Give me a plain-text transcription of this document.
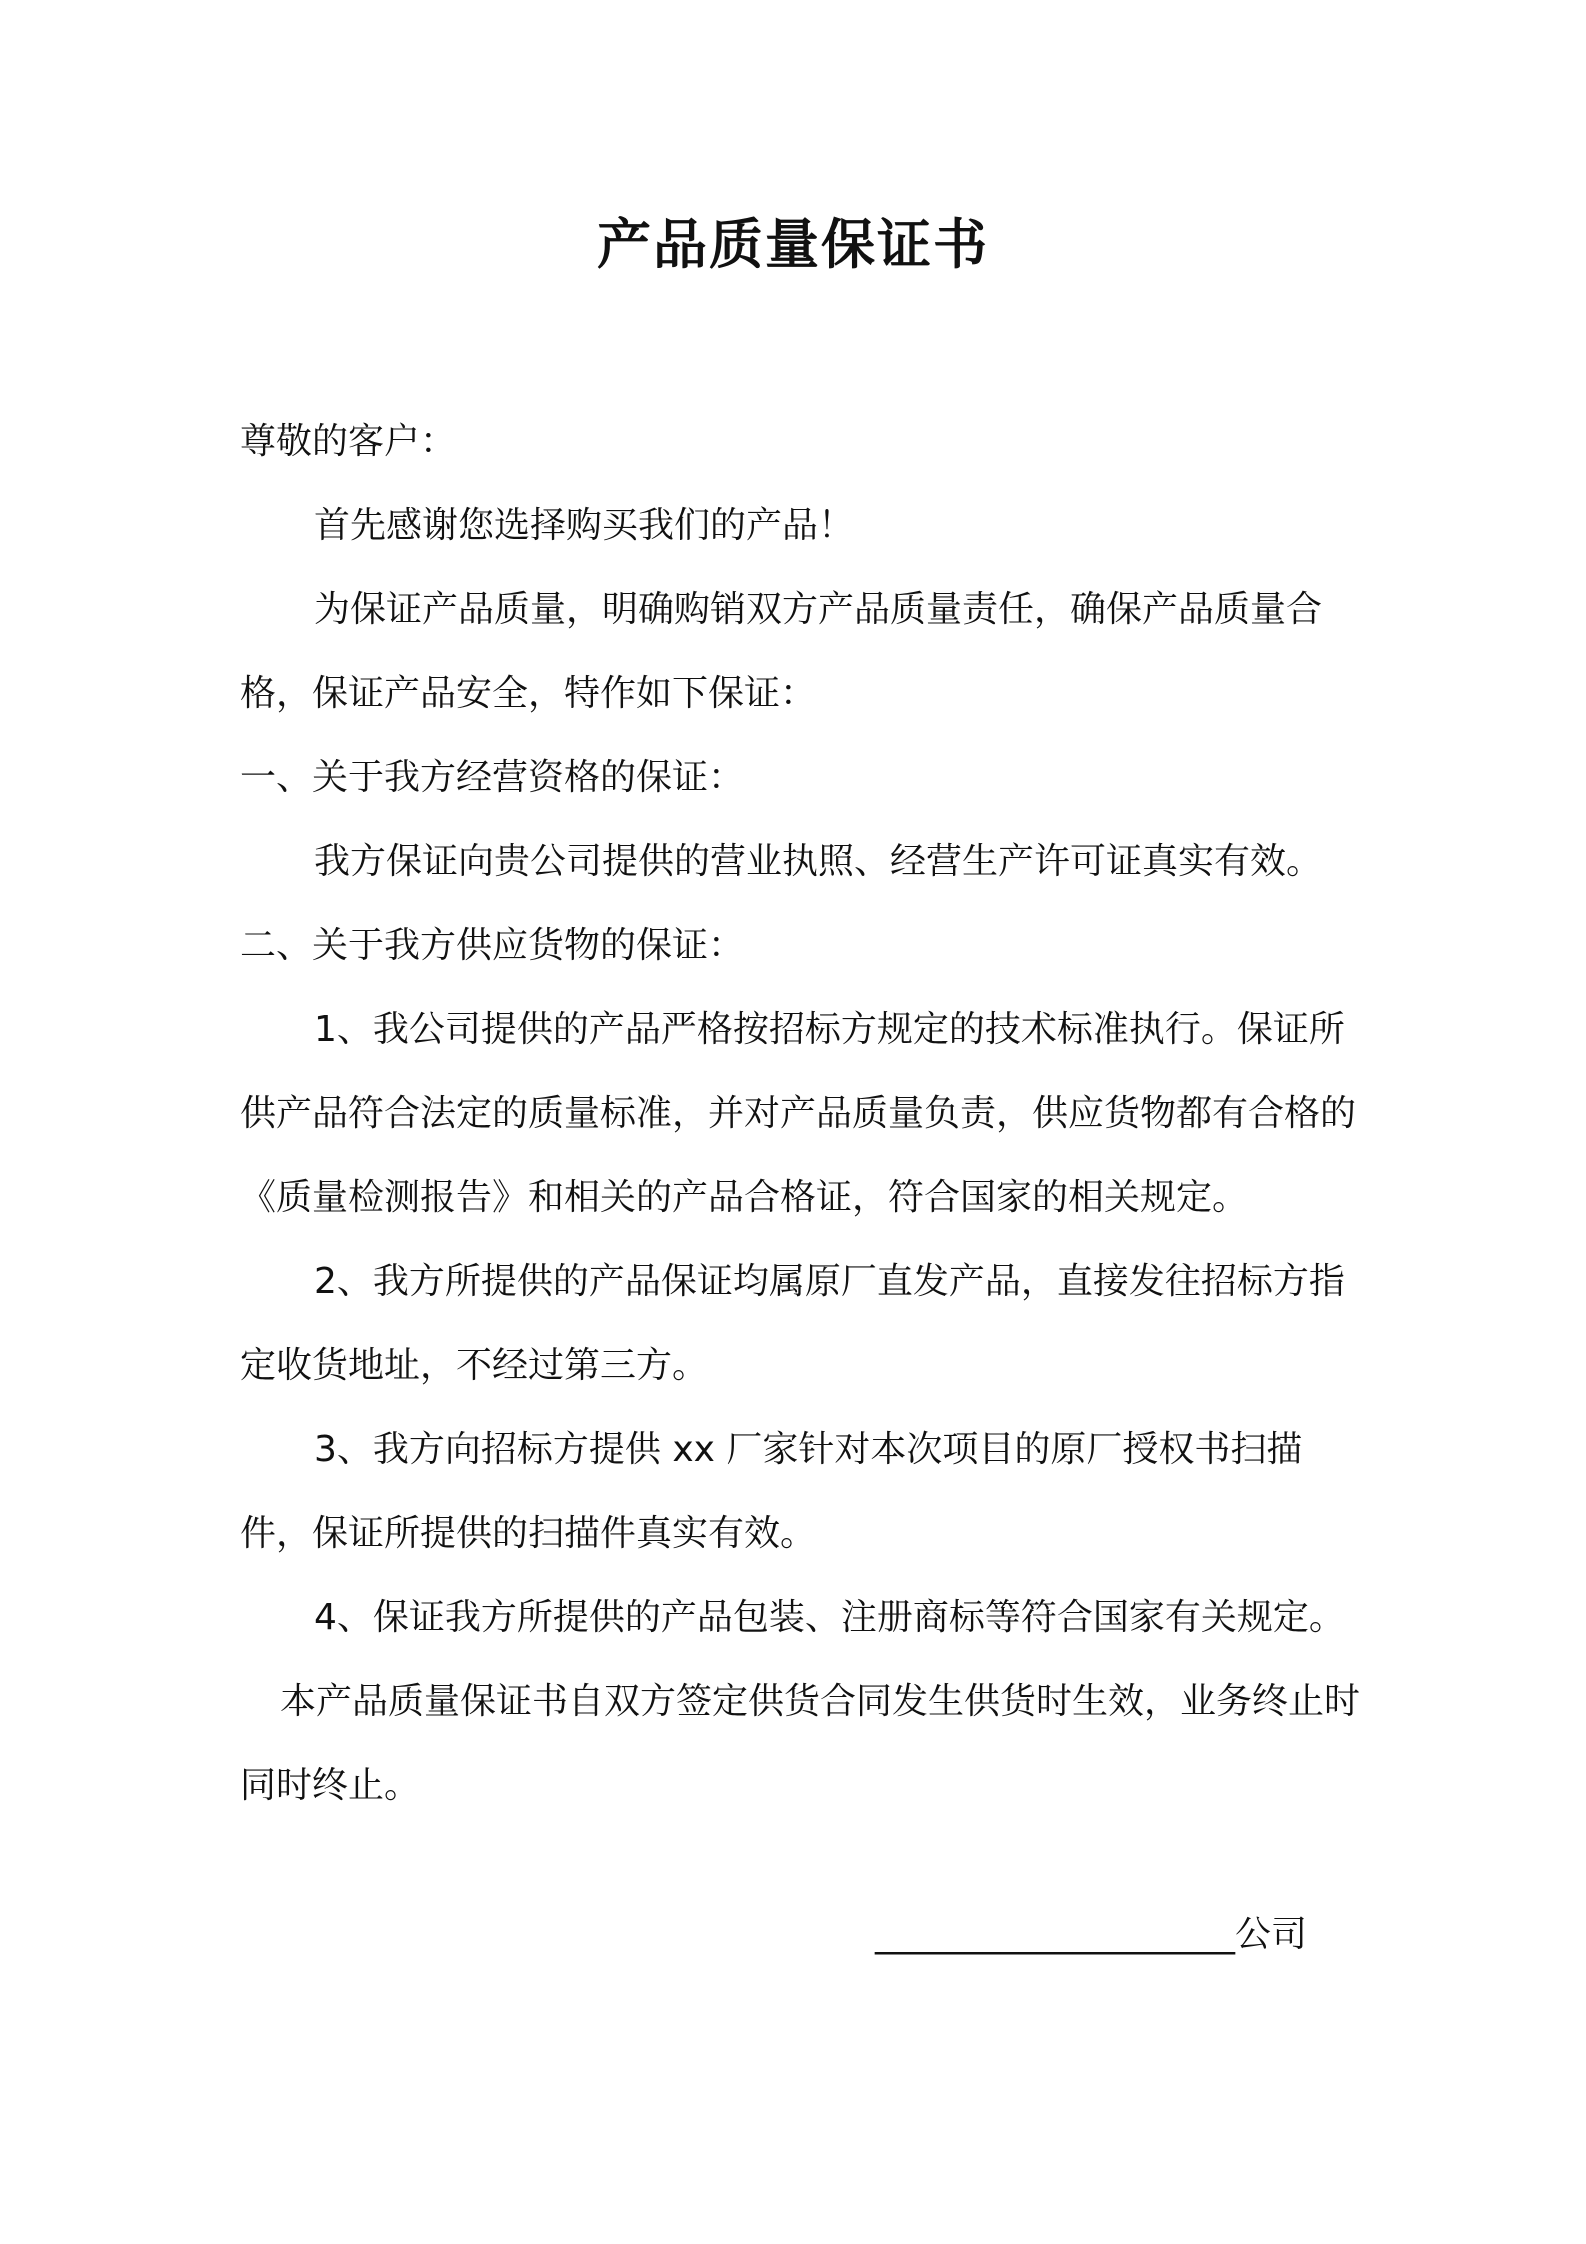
产品质量保证书

尊敬的客户：

首先感谢您选择购买我们的产品！

为保证产品质量，明确购销双方产品质量责任，确保产品质量合格，保证产品安全，特作如下保证：

一、关于我方经营资格的保证：

我方保证向贵公司提供的营业执照、经营生产许可证真实有效。

二、关于我方供应货物的保证：

1、我公司提供的产品严格按招标方规定的技术标准执行。保证所供产品符合法定的质量标准，并对产品质量负责，供应货物都有合格的《质量检测报告》和相关的产品合格证，符合国家的相关规定。

2、我方所提供的产品保证均属原厂直发产品，直接发往招标方指定收货地址，不经过第三方。

3、我方向招标方提供 xx 厂家针对本次项目的原厂授权书扫描件，保证所提供的扫描件真实有效。

4、保证我方所提供的产品包装、注册商标等符合国家有关规定。

本产品质量保证书自双方签定供货合同发生供货时生效，业务终止时同时终止。

____________________公司
